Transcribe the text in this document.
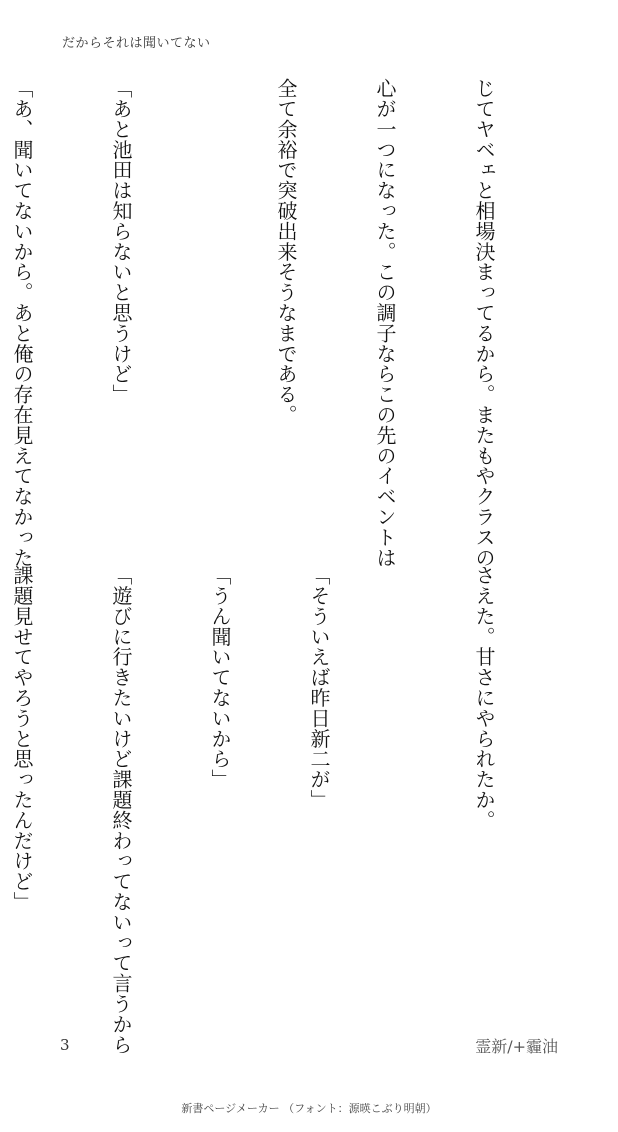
だからそれは聞いてない

じてヤベェと相場決まってるから。またもやクラスの

心が一つになった。この調子ならこの先のイベントは

全て余裕で突破出来そうなまである。

「あと池田は知らないと思うけど」

「あ、聞いてないから。あと俺の存在見えてなかった

さえた。甘さにやられたか。

「そういえば昨日新二が」

「うん聞いてないから」

「遊びに行きたいけど課題終わってないって言うから

課題見せてやろうと思ったんだけど」

3	霊新/+霾油
新書ページメーカー （フォント：源暎こぶり明朝）
